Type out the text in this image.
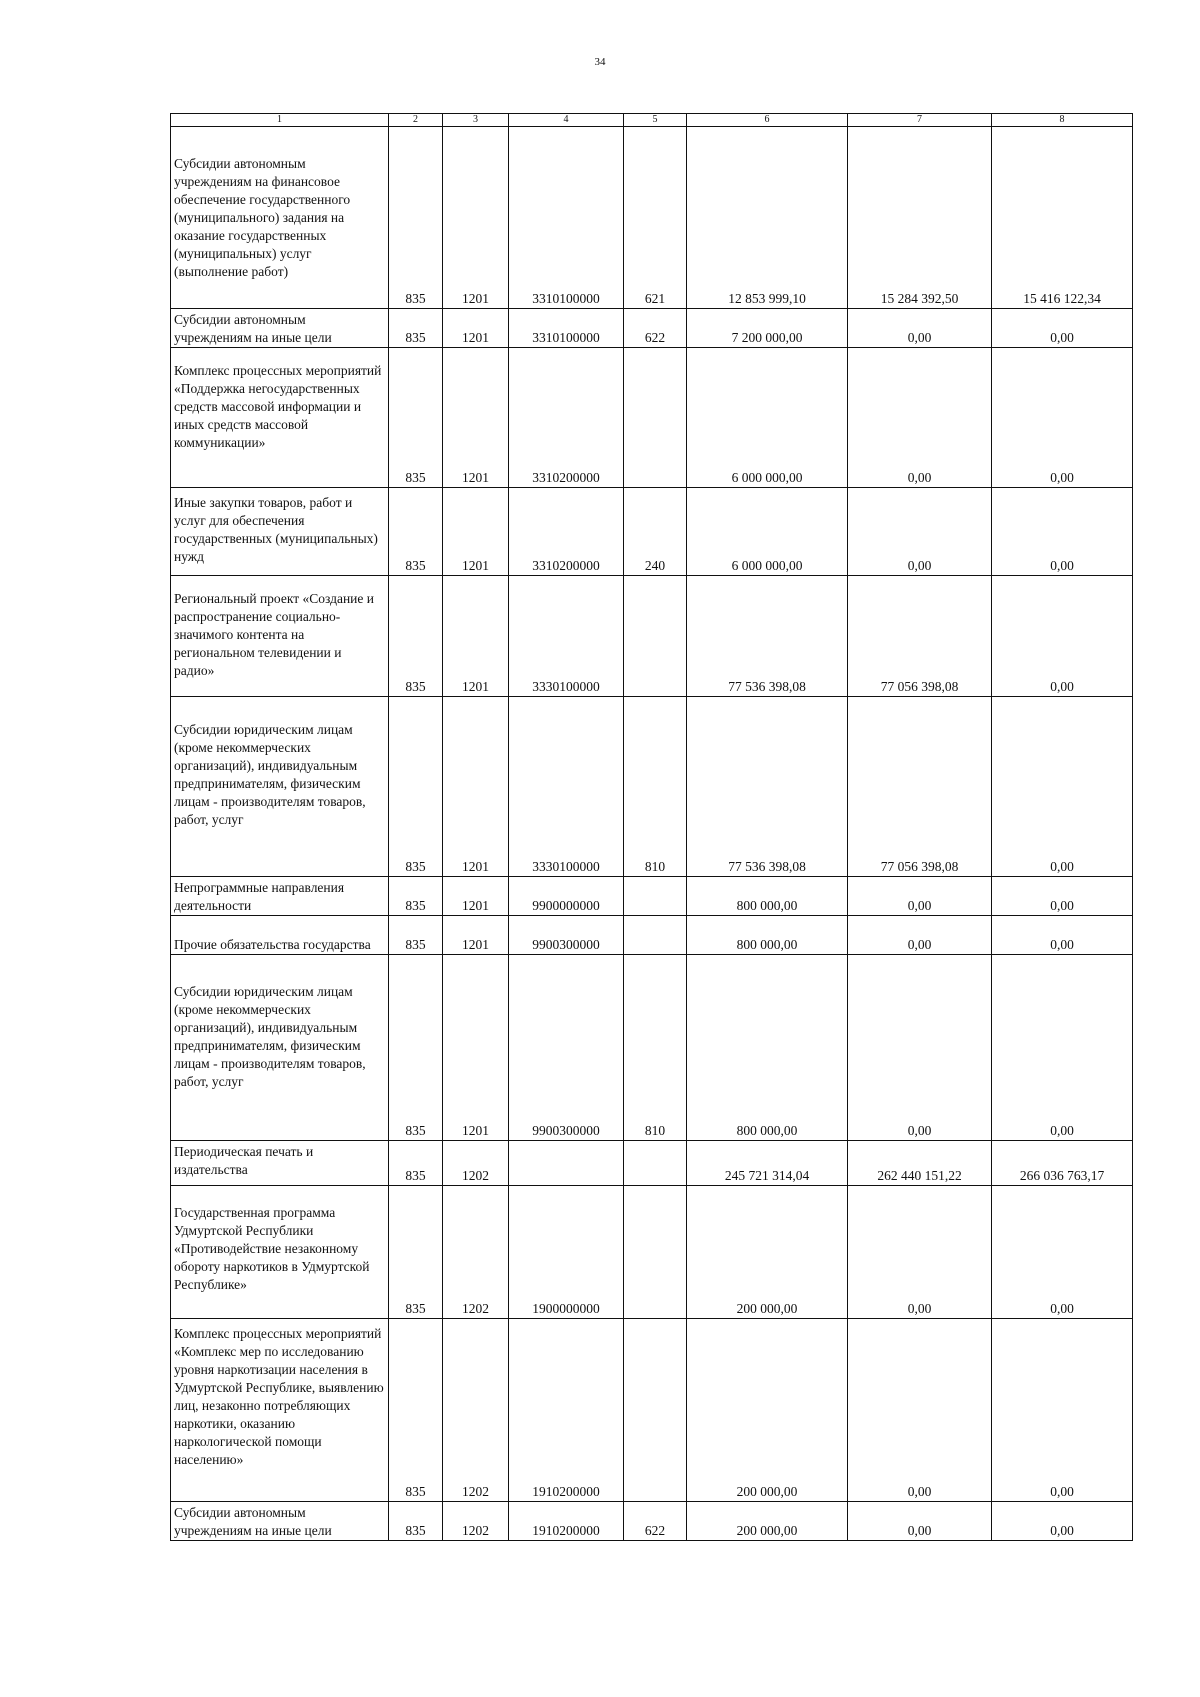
34
1	2	3	4	5	6	7	8
Субсидии автономным учреждениям на финансовое обеспечение государственного (муниципального) задания на оказание государственных (муниципальных) услуг (выполнение работ)	835	1201	3310100000	621	12 853 999,10	15 284 392,50	15 416 122,34
Субсидии автономным учреждениям на иные цели	835	1201	3310100000	622	7 200 000,00	0,00	0,00
Комплекс процессных мероприятий «Поддержка негосударственных средств массовой информации и иных средств массовой коммуникации»	835	1201	3310200000		6 000 000,00	0,00	0,00
Иные закупки товаров, работ и услуг для обеспечения государственных (муниципальных) нужд	835	1201	3310200000	240	6 000 000,00	0,00	0,00
Региональный проект «Создание и распространение социально-значимого контента на региональном телевидении и радио»	835	1201	3330100000		77 536 398,08	77 056 398,08	0,00
Субсидии юридическим лицам (кроме некоммерческих организаций), индивидуальным предпринимателям, физическим лицам - производителям товаров, работ, услуг	835	1201	3330100000	810	77 536 398,08	77 056 398,08	0,00
Непрограммные направления деятельности	835	1201	9900000000		800 000,00	0,00	0,00
Прочие обязательства государства	835	1201	9900300000		800 000,00	0,00	0,00
Субсидии юридическим лицам (кроме некоммерческих организаций), индивидуальным предпринимателям, физическим лицам - производителям товаров, работ, услуг	835	1201	9900300000	810	800 000,00	0,00	0,00
Периодическая печать и издательства	835	1202			245 721 314,04	262 440 151,22	266 036 763,17
Государственная программа Удмуртской Республики «Противодействие незаконному обороту наркотиков в Удмуртской Республике»	835	1202	1900000000		200 000,00	0,00	0,00
Комплекс процессных мероприятий «Комплекс мер по исследованию уровня наркотизации населения в Удмуртской Республике, выявлению лиц, незаконно потребляющих наркотики, оказанию наркологической помощи населению»	835	1202	1910200000		200 000,00	0,00	0,00
Субсидии автономным учреждениям на иные цели	835	1202	1910200000	622	200 000,00	0,00	0,00
